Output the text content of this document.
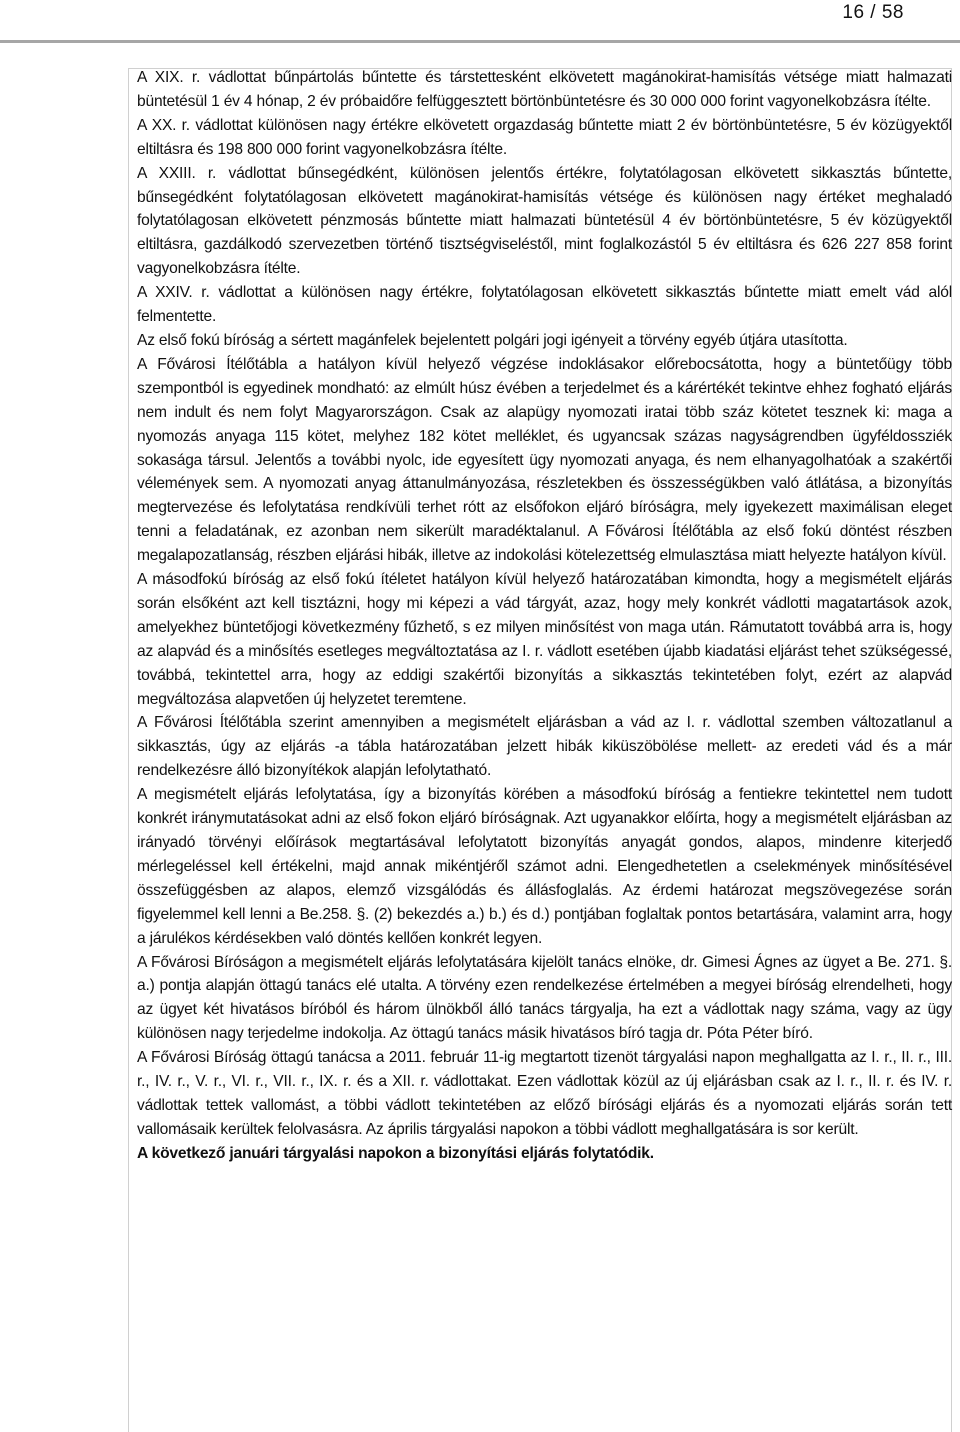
16 / 58

A XIX. r. vádlottat bűnpártolás bűntette és társtettesként elkövetett magánokirat-hamisítás vétsége miatt halmazati büntetésül 1 év 4 hónap, 2 év próbaidőre felfüggesztett börtönbüntetésre és 30 000 000 forint vagyonelkobzásra ítélte.

A XX. r. vádlottat különösen nagy értékre elkövetett orgazdaság bűntette miatt 2 év börtönbüntetésre, 5 év közügyektől eltiltásra és 198 800 000 forint vagyonelkobzásra ítélte.

A XXIII. r. vádlottat bűnsegédként, különösen jelentős értékre, folytatólagosan elkövetett sikkasztás bűntette, bűnsegédként folytatólagosan elkövetett magánokirat-hamisítás vétsége és különösen nagy értéket meghaladó folytatólagosan elkövetett pénzmosás bűntette miatt halmazati büntetésül 4 év börtönbüntetésre, 5 év közügyektől eltiltásra, gazdálkodó szervezetben történő tisztségviseléstől, mint foglalkozástól 5 év eltiltásra és 626 227 858 forint vagyonelkobzásra ítélte.

A XXIV. r. vádlottat a különösen nagy értékre, folytatólagosan elkövetett sikkasztás bűntette miatt emelt vád alól felmentette.

Az első fokú bíróság a sértett magánfelek bejelentett polgári jogi igényeit a törvény egyéb útjára utasította.

A Fővárosi Ítélőtábla a hatályon kívül helyező végzése indoklásakor előrebocsátotta, hogy a büntetőügy több szempontból is egyedinek mondható: az elmúlt húsz évében a terjedelmet és a kárértékét tekintve ehhez fogható eljárás nem indult és nem folyt Magyarországon. Csak az alapügy nyomozati iratai több száz kötetet tesznek ki: maga a nyomozás anyaga 115 kötet, melyhez 182 kötet melléklet, és ugyancsak százas nagyságrendben ügyféldossziék sokasága társul. Jelentős a további nyolc, ide egyesített ügy nyomozati anyaga, és nem elhanyagolhatóak a szakértői vélemények sem. A nyomozati anyag áttanulmányozása, részletekben és összességükben való átlátása, a bizonyítás megtervezése és lefolytatása rendkívüli terhet rótt az elsőfokon eljáró bíróságra, mely igyekezett maximálisan eleget tenni a feladatának, ez azonban nem sikerült maradéktalanul. A Fővárosi Ítélőtábla az első fokú döntést részben megalapozatlanság, részben eljárási hibák, illetve az indokolási kötelezettség elmulasztása miatt helyezte hatályon kívül.

A másodfokú bíróság az első fokú ítéletet hatályon kívül helyező határozatában kimondta, hogy a megismételt eljárás során elsőként azt kell tisztázni, hogy mi képezi a vád tárgyát, azaz, hogy mely konkrét vádlotti magatartások azok, amelyekhez büntetőjogi következmény fűzhető, s ez milyen minősítést von maga után. Rámutatott továbbá arra is, hogy az alapvád és a minősítés esetleges megváltoztatása az I. r. vádlott esetében újabb kiadatási eljárást tehet szükségessé, továbbá, tekintettel arra, hogy az eddigi szakértői bizonyítás a sikkasztás tekintetében folyt, ezért az alapvád megváltozása alapvetően új helyzetet teremtene.

A Fővárosi Ítélőtábla szerint amennyiben a megismételt eljárásban a vád az I. r. vádlottal szemben változatlanul a sikkasztás, úgy az eljárás -a tábla határozatában jelzett hibák kiküszöbölése mellett- az eredeti vád és a már rendelkezésre álló bizonyítékok alapján lefolytatható.

A megismételt eljárás lefolytatása, így a bizonyítás körében a másodfokú bíróság a fentiekre tekintettel nem tudott konkrét iránymutatásokat adni az első fokon eljáró bíróságnak. Azt ugyanakkor előírta, hogy a megismételt eljárásban az irányadó törvényi előírások megtartásával lefolytatott bizonyítás anyagát gondos, alapos, mindenre kiterjedő mérlegeléssel kell értékelni, majd annak mikéntjéről számot adni. Elengedhetetlen a cselekmények minősítésével összefüggésben az alapos, elemző vizsgálódás és állásfoglalás. Az érdemi határozat megszövegezése során figyelemmel kell lenni a Be.258. §. (2) bekezdés a.) b.) és d.) pontjában foglaltak pontos betartására, valamint arra, hogy a járulékos kérdésekben való döntés kellően konkrét legyen.

A Fővárosi Bíróságon a megismételt eljárás lefolytatására kijelölt tanács elnöke, dr. Gimesi Ágnes az ügyet a Be. 271. §. a.) pontja alapján öttagú tanács elé utalta. A törvény ezen rendelkezése értelmében a megyei bíróság elrendelheti, hogy az ügyet két hivatásos bíróból és három ülnökből álló tanács tárgyalja, ha ezt a vádlottak nagy száma, vagy az ügy különösen nagy terjedelme indokolja. Az öttagú tanács másik hivatásos bíró tagja dr. Póta Péter bíró.

A Fővárosi Bíróság öttagú tanácsa a 2011. február 11-ig megtartott tizenöt tárgyalási napon meghallgatta az I. r., II. r., III. r., IV. r., V. r., VI. r., VII. r., IX. r. és a XII. r. vádlottakat. Ezen vádlottak közül az új eljárásban csak az I. r., II. r. és IV. r. vádlottak tettek vallomást, a többi vádlott tekintetében az előző bírósági eljárás és a nyomozati eljárás során tett vallomásaik kerültek felolvasásra. Az április tárgyalási napokon a többi vádlott meghallgatására is sor került.

A következő januári tárgyalási napokon a bizonyítási eljárás folytatódik.
